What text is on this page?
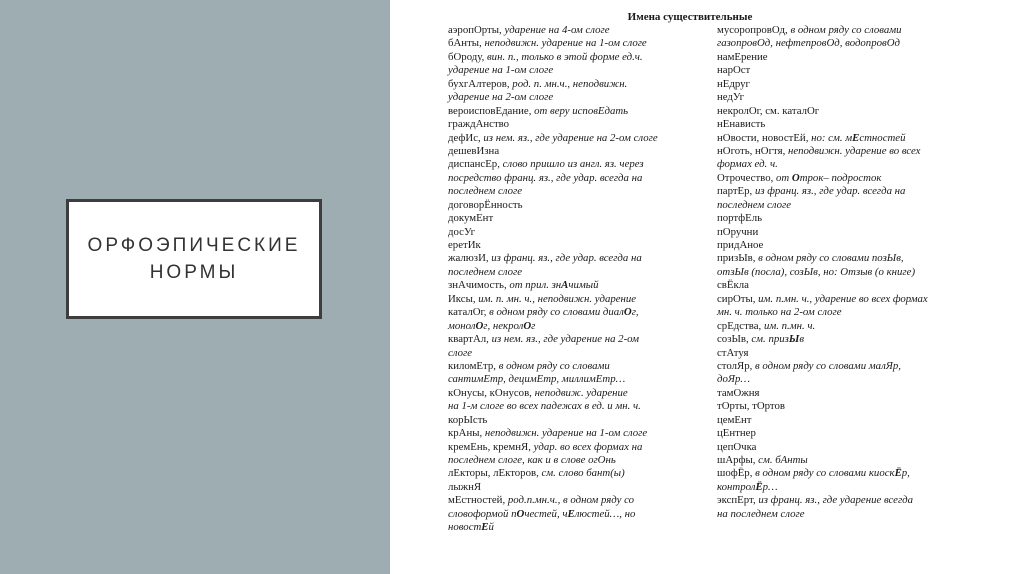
ОРФОЭПИЧЕСКИЕ
НОРМЫ
Имена существительные
аэропОрты, ударение на 4-ом слоге
бАнты, неподвижн. ударение на 1-ом слоге
бОроду, вин. п., только в этой форме ед.ч.
ударение на 1-ом слоге
бухгАлтеров, род. п. мн.ч., неподвижн.
ударение на 2-ом слоге
вероисповЕдание, от веру исповЕдать
граждАнство
дефИс, из нем. яз., где ударение на 2-ом слоге
дешевИзна
диспансЕр, слово пришло из англ. яз. через
посредство франц. яз., где удар. всегда на
последнем слоге
договорЁнность
докумЕнт
досУг
еретИк
жалюзИ, из франц. яз., где удар. всегда на
последнем слоге
знАчимость, от прил. знАчимый
Иксы, им. п. мн. ч., неподвижн. ударение
каталОг, в одном ряду со словами диалОг,
монолОг, некролОг
квартАл, из нем. яз., где ударение на 2-ом
слоге
киломЕтр, в одном ряду со словами
сантимЕтр, децимЕтр, миллимЕтр…
кОнусы, кОнусов, неподвиж. ударение
на 1-м слоге во всех падежах в ед. и мн. ч.
корЫсть
крАны, неподвижн. ударение на 1-ом слоге
кремЕнь, кремнЯ, удар. во всех формах на
последнем слоге, как и в слове огОнь
лЕкторы, лЕкторов, см. слово бант(ы)
лыжнЯ
мЕстностей, род.п.мн.ч., в одном ряду со
словоформой пОчестей, чЕлюстей…, но
новостЕй
мусоропровОд, в одном ряду со словами
газопровОд, нефтепровОд, водопровОд
намЕрение
нарОст
нЕдруг
недУг
некролОг, см. каталОг
нЕнависть
нОвости, новостЕй, но: см. мЕстностей
нОготь, нОгтя, неподвижн. ударение во всех
формах ед. ч.
Отрочество, от Отрок– подросток
партЕр, из франц. яз., где удар. всегда на
последнем слоге
портфЕль
пОручни
придАное
призЫв, в одном ряду со словами позЫв,
отзЫв (посла), созЫв, но: Отзыв (о книге)
свЁкла
сирОты, им. п.мн. ч., ударение во всех формах
мн. ч. только на 2-ом слоге
срЕдства, им. п.мн. ч.
созЫв, см. призЫв
стАтуя
столЯр, в одном ряду со словами малЯр,
доЯр…
тамОжня
тОрты, тОртов
цемЕнт
цЕнтнер
цепОчка
шАрфы, см. бАнты
шофЁр, в одном ряду со словами киоскЁр,
контролЁр…
экспЕрт, из франц. яз., где ударение всегда
на последнем слоге
